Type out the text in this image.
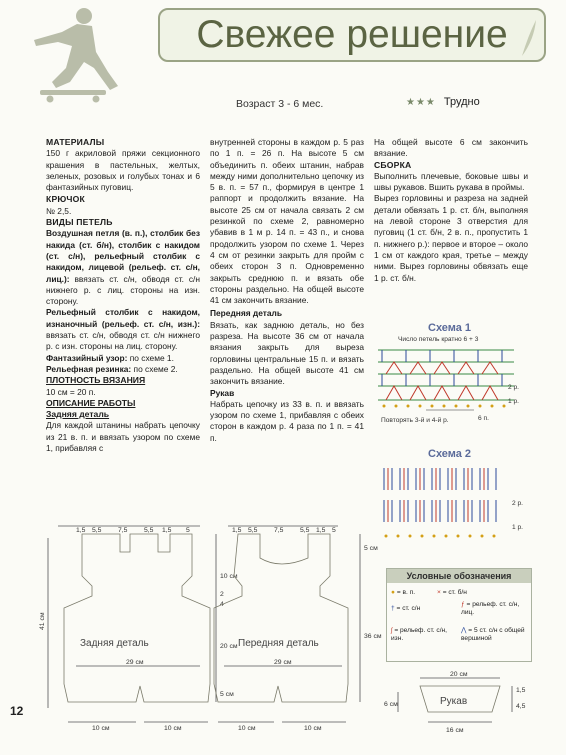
Свежее решение
Возраст 3 - 6 мес.	★★★ Трудно

МАТЕРИАЛЫ

150 г акриловой пряжи секционного крашения в пастельных, желтых, зеленых, розовых и голубых тонах и 6 фантазийных пуговиц.

КРЮЧОК

№ 2,5.

ВИДЫ ПЕТЕЛЬ

Воздушная петля (в. п.), столбик без накида (ст. б/н), столбик с накидом (ст. с/н), рельефный столбик с накидом, лицевой (рельеф. ст. с/н, лиц.): ввязать ст. с/н, обводя ст. с/н нижнего р. с лиц. стороны на изн. сторону.

Рельефный столбик с накидом, изнаночный (рельеф. ст. с/н, изн.): ввязать ст. с/н, обводя ст. с/н нижнего р. с изн. стороны на лиц. сторону.

Фантазийный узор: по схеме 1.

Рельефная резинка: по схеме 2.

ПЛОТНОСТЬ ВЯЗАНИЯ

10 см = 20 п.

ОПИСАНИЕ РАБОТЫ

Задняя деталь

Для каждой штанины набрать цепочку из 21 в. п. и ввязать узором по схеме 1, прибавляя с

внутренней стороны в каждом р. 5 раз по 1 п. = 26 п. На высоте 5 см объединить п. обеих штанин, набрав между ними дополнительно цепочку из 5 в. п. = 57 п., формируя в центре 1 раппорт и продолжить вязание. На высоте 25 см от начала связать 2 см резинкой по схеме 2, равномерно убавив в 1 м р. 14 п. = 43 п., и снова продолжить узором по схеме 1. Через 4 см от резинки закрыть для пройм с обеих сторон 3 п. Одновременно закрыть среднюю п. и вязать обе стороны раздельно. На общей высоте 41 см закончить вязание.

Передняя деталь

Вязать, как заднюю деталь, но без разреза. На высоте 36 см от начала вязания закрыть для выреза горловины центральные 15 п. и вязать раздельно. На общей высоте 41 см закончить вязание.

Рукав

Набрать цепочку из 33 в. п. и ввязать узором по схеме 1, прибавляя с обеих сторон в каждом р. 4 раза по 1 п. = 41 п.

На общей высоте 6 см закончить вязание.

СБОРКА

Выполнить плечевые, боковые швы и швы рукавов. Вшить рукава в проймы.

Вырез горловины и разреза на задней детали обвязать 1 р. ст. б/н, выполняя на левой стороне 3 отверстия для пуговиц (1 ст. б/н, 2 в. п., пропустить 1 п. нижнего р.): первое и второе – около 1 см от каждого края, третье – между ними. Вырез горловины обвязать еще 1 р. ст. б/н.

Схема 1
Число петель кратно 6 + 3
2 р.
1 р.
Повторять 3-й и 4-й р.	6 п.
Схема 2
2 р.
1 р.
Условные обозначения
● = в. п.	× = ст. б/н
† = ст. с/н
ƒ = рельеф. ст. с/н, лиц.
ʃ = рельеф. ст. с/н, изн.
⋀ = 5 ст. с/н с общей вершиной
1,5 5,5 7,5 5,5 1,5 5
41 см
10 см
2
4
20 см
5 см
Задняя деталь
29 см
10 см	10 см
1,5 5,5 7,5 5,5 1,5 5
5 см
36 см
Передняя деталь
29 см
10 см	10 см
20 см
Рукав
16 см
1,5
4,5
6 см
12
